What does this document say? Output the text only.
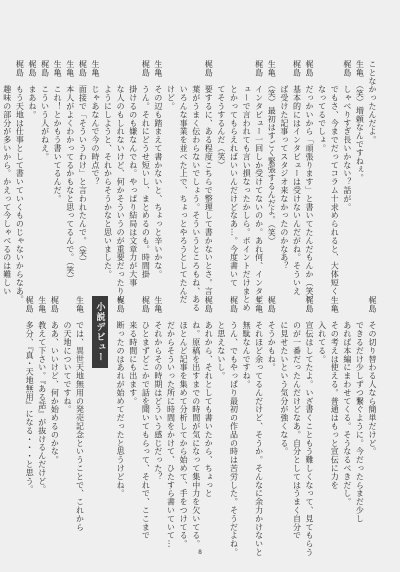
ことなかったんだよ。
生亀　（笑）増頼なんですねぇ。
梶島　しゃべりすぎ長いかない？話が。
　　　でもさ、今までだってコラム十求められると、大体短く
　　　なってるでしょ。
梶島　だっかいから「頑張ります」と書いてたんだもんか（笑）
梶島　基本的にはインタビューは受けないんだがね。そういえ
　　　ば受けた記事ってスタジオ来なかったのかなあ？
生亀　（笑）最初はすごく緊張するんだよ。（笑）
梶島　インタビュー一回しか受けてないのか。あれ何、インタビ
　　　ューで言われても言い損なったかしら。ポイントだけまとめ
　　　とかってもらえればいいんだけどなあ…。今度書いて
　　　てそうするんだ（笑）
梶島　要するに、ある程度こちらで整理して書かないとさ。言
　　　葉がうまく伝わらないでしょう。そういうところもね、ある
　　　いろんな事業を並べた上で、ちょっとやろうとしてたんだ
　　　けど。
生亀　その辺も踏まえて書かないと、ちょっと辛いかな。
梶島　うん。それにどうせ短いし、まとめるのも。時間掛
　　　掛けるのも嫌なんでね。やっぱり結局は文章力が大事
　　　な人のもしれないけど、何かそういうのが重要だったりも
　　　ようにしようと、それからそうかなと思いました。
生亀　じゃあなんで今の時点で？
梶島　面接で「そういうわけ」と言われたんで。（笑）
生亀　本人がよくわかってるかもなと思ってるんで。（笑）
生亀　これ！とかもう書いてるんだ。
梶島　こういう人がねえ。
梶島　まあね。
梶島　もう天地は仕事として書いていくものじゃないからなあ。
　　　趣味の部分が多いから。かえって今しゃべるのは難しい
梶島　その切り替わる人なら簡単だけど。
　　　できるだけ少しずつ繋ぐように。今だったらまだ少し
　　　あれば本編にまわせてくる。そうなるべきだし。
生亀　その考えは使える。普通はもっと宣伝に力を
　　　入れてる。
梶島　宣伝はしてたよ。いざ書くこともう難しくなって、見てもらう
　　　のが一番だったんだけどなあ。自分としてはうまく自分で
　　　に見せたいという気分が強くなる。
梶島　そうかもね。
生亀　それほど余ってるんだけど、そうか。そんなに余力かけないと
　　　無駄なんですね。
梶島　うん、でもやっぱり最初の作品の時は苦労した。そうだよね。
　　　と思えないし。
梶島　あれから、それとしても書いたから、ちょっと
　　　ね。原稿を出すまでの時間が気になって集中力を欠いてる。
　　　ほとんど記事を集めて分析してから始めて、手をつけてる。
　　　だからそういった所に時間をかけて、ひたすら書いていて…
生亀　それからその時期はどういう感じだった？
梶島　ひとまずどこかで話を聞いてもらって、それで、ここまで
　　　来る時間にも出ます。
梶島　断ったのはあれが始めてだったと思うけどね。
小説デビュー
生亀　では、異世天地無用の発売記念ということで、これから
　　　の天地についてですね。
梶島　ああ、いいけど、何か始めるのかな。
生亀　教えて下さい。『ある話』が抜けるんだけど。
梶島　多分、『真・天地無用』になる・・・と思う。
8
